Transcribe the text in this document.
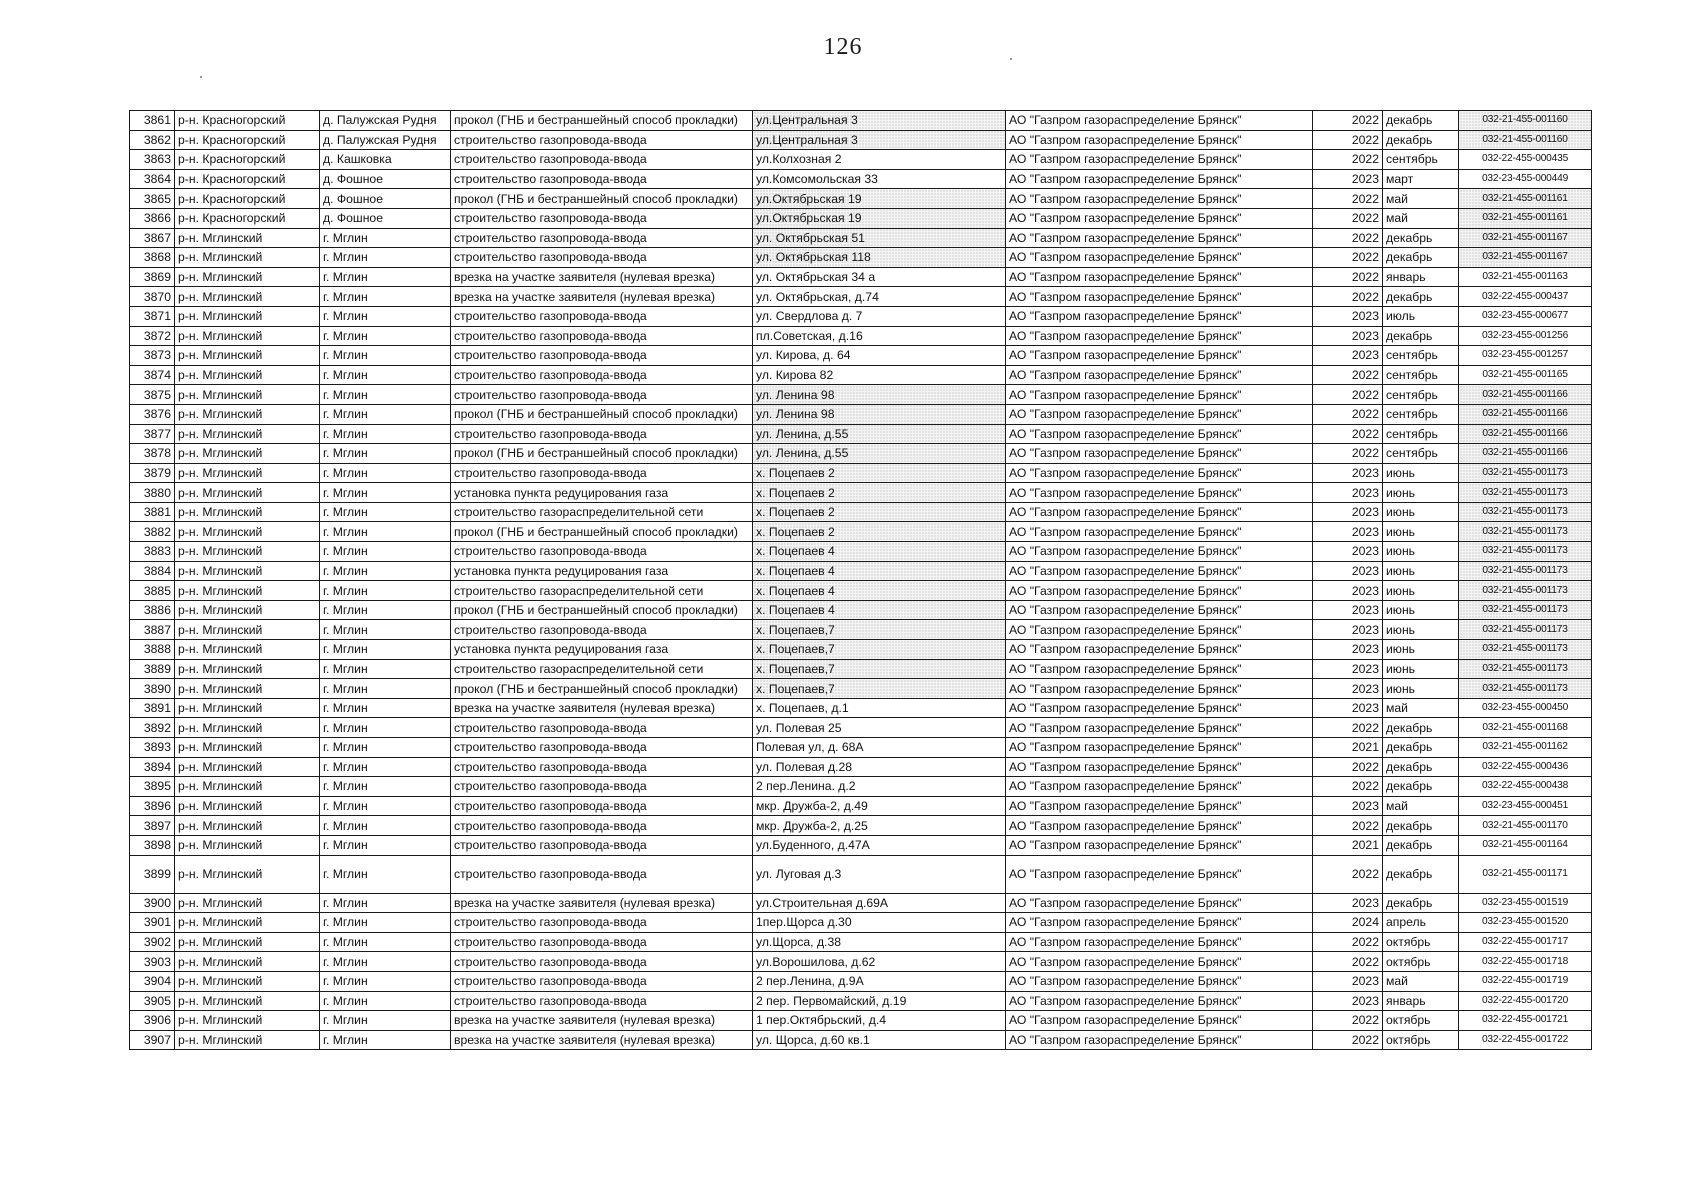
126
3861	р-н. Красногорский	д. Палужская Рудня	прокол (ГНБ и бестраншейный способ прокладки)	ул.Центральная 3	АО "Газпром газораспределение Брянск"	2022	декабрь	032-21-455-001160
3862	р-н. Красногорский	д. Палужская Рудня	строительство газопровода-ввода	ул.Центральная 3	АО "Газпром газораспределение Брянск"	2022	декабрь	032-21-455-001160
3863	р-н. Красногорский	д. Кашковка	строительство газопровода-ввода	ул.Колхозная 2	АО "Газпром газораспределение Брянск"	2022	сентябрь	032-22-455-000435
3864	р-н. Красногорский	д. Фошное	строительство газопровода-ввода	ул.Комсомольская 33	АО "Газпром газораспределение Брянск"	2023	март	032-23-455-000449
3865	р-н. Красногорский	д. Фошное	прокол (ГНБ и бестраншейный способ прокладки)	ул.Октябрьская 19	АО "Газпром газораспределение Брянск"	2022	май	032-21-455-001161
3866	р-н. Красногорский	д. Фошное	строительство газопровода-ввода	ул.Октябрьская 19	АО "Газпром газораспределение Брянск"	2022	май	032-21-455-001161
3867	р-н. Мглинский	г. Мглин	строительство газопровода-ввода	ул. Октябрьская 51	АО "Газпром газораспределение Брянск"	2022	декабрь	032-21-455-001167
3868	р-н. Мглинский	г. Мглин	строительство газопровода-ввода	ул. Октябрьская 118	АО "Газпром газораспределение Брянск"	2022	декабрь	032-21-455-001167
3869	р-н. Мглинский	г. Мглин	врезка на участке заявителя (нулевая врезка)	ул. Октябрьская 34 а	АО "Газпром газораспределение Брянск"	2022	январь	032-21-455-001163
3870	р-н. Мглинский	г. Мглин	врезка на участке заявителя (нулевая врезка)	ул. Октябрьская, д.74	АО "Газпром газораспределение Брянск"	2022	декабрь	032-22-455-000437
3871	р-н. Мглинский	г. Мглин	строительство газопровода-ввода	ул. Свердлова д. 7	АО "Газпром газораспределение Брянск"	2023	июль	032-23-455-000677
3872	р-н. Мглинский	г. Мглин	строительство газопровода-ввода	пл.Советская, д.16	АО "Газпром газораспределение Брянск"	2023	декабрь	032-23-455-001256
3873	р-н. Мглинский	г. Мглин	строительство газопровода-ввода	ул. Кирова, д. 64	АО "Газпром газораспределение Брянск"	2023	сентябрь	032-23-455-001257
3874	р-н. Мглинский	г. Мглин	строительство газопровода-ввода	ул. Кирова 82	АО "Газпром газораспределение Брянск"	2022	сентябрь	032-21-455-001165
3875	р-н. Мглинский	г. Мглин	строительство газопровода-ввода	ул. Ленина 98	АО "Газпром газораспределение Брянск"	2022	сентябрь	032-21-455-001166
3876	р-н. Мглинский	г. Мглин	прокол (ГНБ и бестраншейный способ прокладки)	ул. Ленина 98	АО "Газпром газораспределение Брянск"	2022	сентябрь	032-21-455-001166
3877	р-н. Мглинский	г. Мглин	строительство газопровода-ввода	ул. Ленина, д.55	АО "Газпром газораспределение Брянск"	2022	сентябрь	032-21-455-001166
3878	р-н. Мглинский	г. Мглин	прокол (ГНБ и бестраншейный способ прокладки)	ул. Ленина, д.55	АО "Газпром газораспределение Брянск"	2022	сентябрь	032-21-455-001166
3879	р-н. Мглинский	г. Мглин	строительство газопровода-ввода	х. Поцепаев 2	АО "Газпром газораспределение Брянск"	2023	июнь	032-21-455-001173
3880	р-н. Мглинский	г. Мглин	установка пункта редуцирования газа	х. Поцепаев 2	АО "Газпром газораспределение Брянск"	2023	июнь	032-21-455-001173
3881	р-н. Мглинский	г. Мглин	строительство газораспределительной сети	х. Поцепаев 2	АО "Газпром газораспределение Брянск"	2023	июнь	032-21-455-001173
3882	р-н. Мглинский	г. Мглин	прокол (ГНБ и бестраншейный способ прокладки)	х. Поцепаев 2	АО "Газпром газораспределение Брянск"	2023	июнь	032-21-455-001173
3883	р-н. Мглинский	г. Мглин	строительство газопровода-ввода	х. Поцепаев 4	АО "Газпром газораспределение Брянск"	2023	июнь	032-21-455-001173
3884	р-н. Мглинский	г. Мглин	установка пункта редуцирования газа	х. Поцепаев 4	АО "Газпром газораспределение Брянск"	2023	июнь	032-21-455-001173
3885	р-н. Мглинский	г. Мглин	строительство газораспределительной сети	х. Поцепаев 4	АО "Газпром газораспределение Брянск"	2023	июнь	032-21-455-001173
3886	р-н. Мглинский	г. Мглин	прокол (ГНБ и бестраншейный способ прокладки)	х. Поцепаев 4	АО "Газпром газораспределение Брянск"	2023	июнь	032-21-455-001173
3887	р-н. Мглинский	г. Мглин	строительство газопровода-ввода	х. Поцепаев,7	АО "Газпром газораспределение Брянск"	2023	июнь	032-21-455-001173
3888	р-н. Мглинский	г. Мглин	установка пункта редуцирования газа	х. Поцепаев,7	АО "Газпром газораспределение Брянск"	2023	июнь	032-21-455-001173
3889	р-н. Мглинский	г. Мглин	строительство газораспределительной сети	х. Поцепаев,7	АО "Газпром газораспределение Брянск"	2023	июнь	032-21-455-001173
3890	р-н. Мглинский	г. Мглин	прокол (ГНБ и бестраншейный способ прокладки)	х. Поцепаев,7	АО "Газпром газораспределение Брянск"	2023	июнь	032-21-455-001173
3891	р-н. Мглинский	г. Мглин	врезка на участке заявителя (нулевая врезка)	х. Поцепаев, д.1	АО "Газпром газораспределение Брянск"	2023	май	032-23-455-000450
3892	р-н. Мглинский	г. Мглин	строительство газопровода-ввода	ул. Полевая 25	АО "Газпром газораспределение Брянск"	2022	декабрь	032-21-455-001168
3893	р-н. Мглинский	г. Мглин	строительство газопровода-ввода	Полевая ул, д. 68А	АО "Газпром газораспределение Брянск"	2021	декабрь	032-21-455-001162
3894	р-н. Мглинский	г. Мглин	строительство газопровода-ввода	ул. Полевая д.28	АО "Газпром газораспределение Брянск"	2022	декабрь	032-22-455-000436
3895	р-н. Мглинский	г. Мглин	строительство газопровода-ввода	2 пер.Ленина. д.2	АО "Газпром газораспределение Брянск"	2022	декабрь	032-22-455-000438
3896	р-н. Мглинский	г. Мглин	строительство газопровода-ввода	мкр. Дружба-2, д.49	АО "Газпром газораспределение Брянск"	2023	май	032-23-455-000451
3897	р-н. Мглинский	г. Мглин	строительство газопровода-ввода	мкр. Дружба-2, д.25	АО "Газпром газораспределение Брянск"	2022	декабрь	032-21-455-001170
3898	р-н. Мглинский	г. Мглин	строительство газопровода-ввода	ул.Буденного, д.47А	АО "Газпром газораспределение Брянск"	2021	декабрь	032-21-455-001164
3899	р-н. Мглинский	г. Мглин	строительство газопровода-ввода	ул. Луговая д.3	АО "Газпром газораспределение Брянск"	2022	декабрь	032-21-455-001171
3900	р-н. Мглинский	г. Мглин	врезка на участке заявителя (нулевая врезка)	ул.Строительная д.69А	АО "Газпром газораспределение Брянск"	2023	декабрь	032-23-455-001519
3901	р-н. Мглинский	г. Мглин	строительство газопровода-ввода	1пер.Щорса д.30	АО "Газпром газораспределение Брянск"	2024	апрель	032-23-455-001520
3902	р-н. Мглинский	г. Мглин	строительство газопровода-ввода	ул.Щорса, д.38	АО "Газпром газораспределение Брянск"	2022	октябрь	032-22-455-001717
3903	р-н. Мглинский	г. Мглин	строительство газопровода-ввода	ул.Ворошилова, д.62	АО "Газпром газораспределение Брянск"	2022	октябрь	032-22-455-001718
3904	р-н. Мглинский	г. Мглин	строительство газопровода-ввода	2 пер.Ленина, д.9А	АО "Газпром газораспределение Брянск"	2023	май	032-22-455-001719
3905	р-н. Мглинский	г. Мглин	строительство газопровода-ввода	2 пер. Первомайский, д.19	АО "Газпром газораспределение Брянск"	2023	январь	032-22-455-001720
3906	р-н. Мглинский	г. Мглин	врезка на участке заявителя (нулевая врезка)	1 пер.Октябрьский, д.4	АО "Газпром газораспределение Брянск"	2022	октябрь	032-22-455-001721
3907	р-н. Мглинский	г. Мглин	врезка на участке заявителя (нулевая врезка)	ул. Щорса, д.60 кв.1	АО "Газпром газораспределение Брянск"	2022	октябрь	032-22-455-001722
